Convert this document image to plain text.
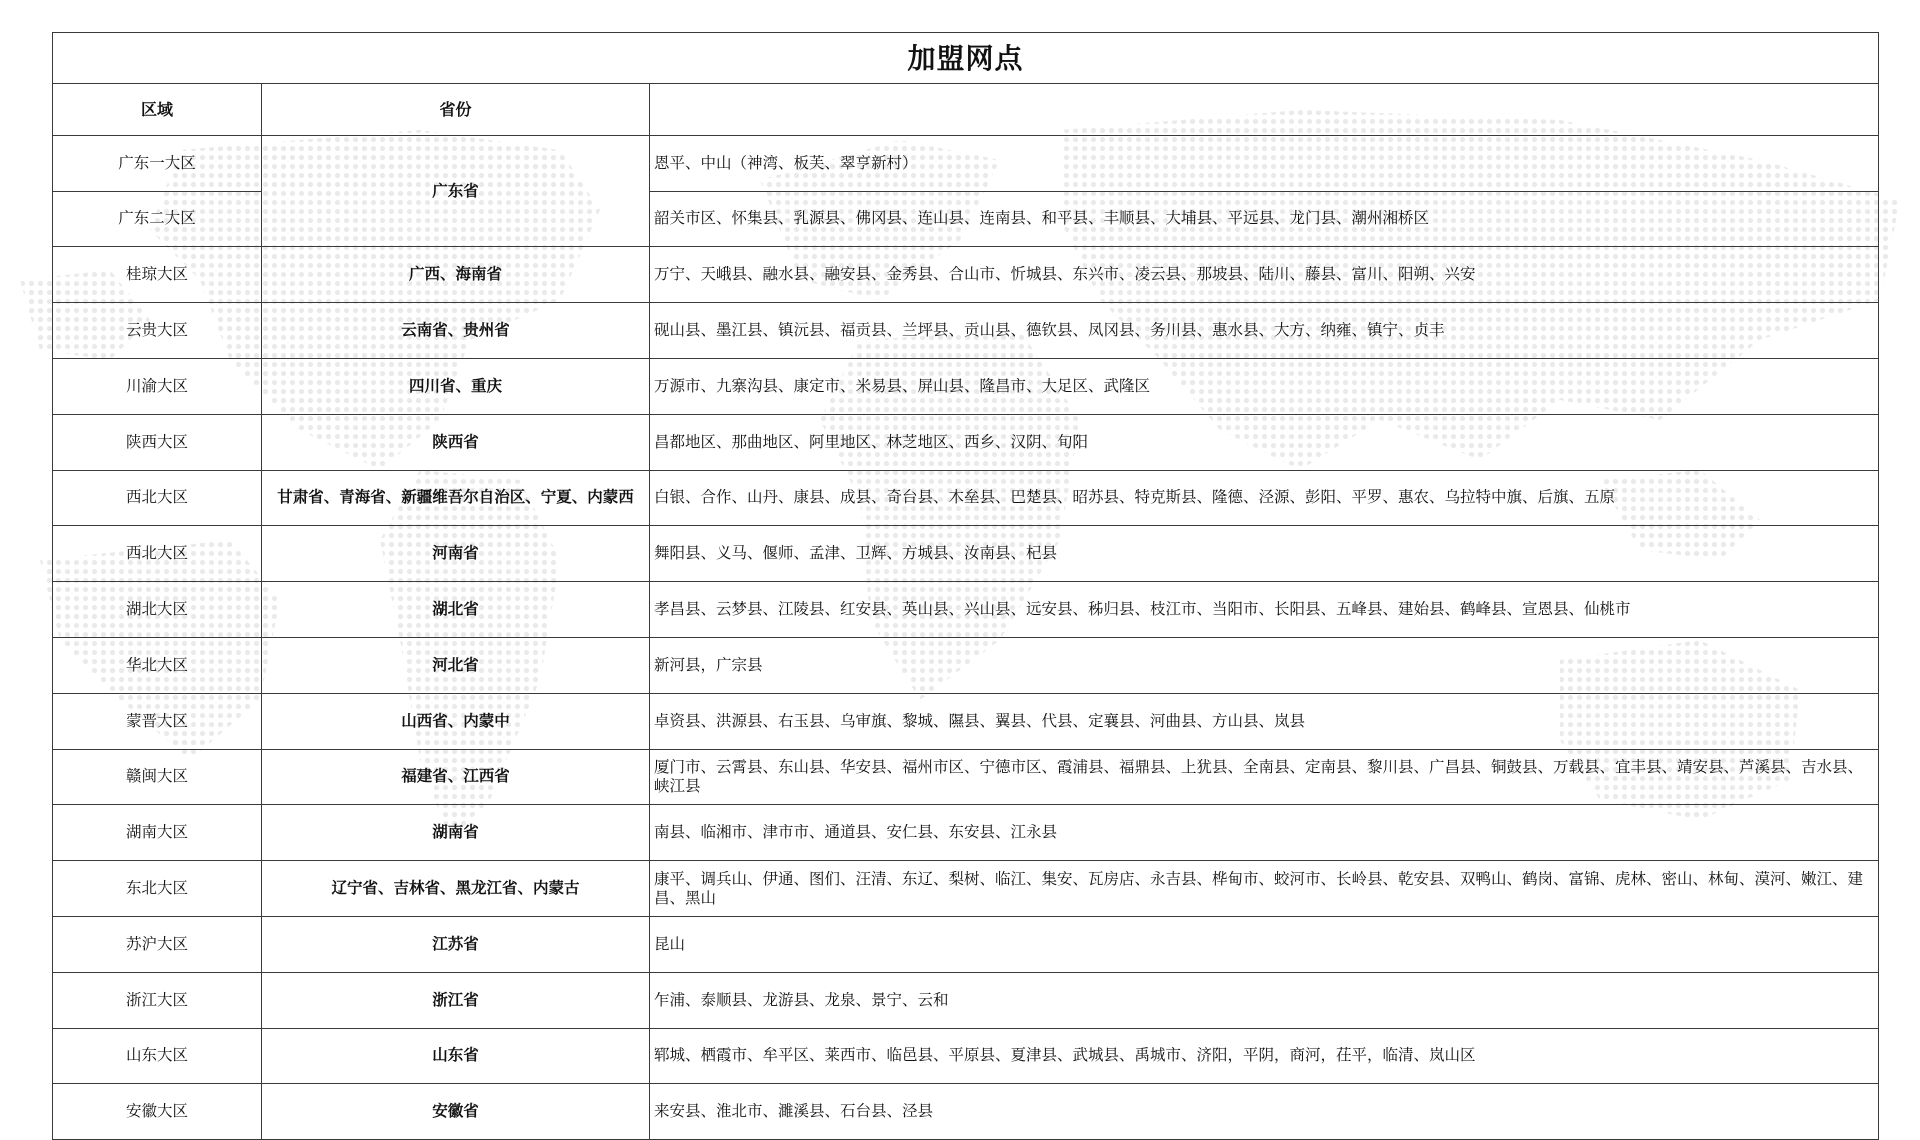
加盟网点		
区域	省份	
广东一大区	广东省	恩平、中山（神湾、板芙、翠亨新村）
广东二大区		韶关市区、怀集县、乳源县、佛冈县、连山县、连南县、和平县、丰顺县、大埔县、平远县、龙门县、潮州湘桥区
桂琼大区	广西、海南省	万宁、天峨县、融水县、融安县、金秀县、合山市、忻城县、东兴市、凌云县、那坡县、陆川、藤县、富川、阳朔、兴安
云贵大区	云南省、贵州省	砚山县、墨江县、镇沅县、福贡县、兰坪县、贡山县、德钦县、凤冈县、务川县、惠水县、大方、纳雍、镇宁、贞丰
川渝大区	四川省、重庆	万源市、九寨沟县、康定市、米易县、屏山县、隆昌市、大足区、武隆区
陕西大区	陕西省	昌都地区、那曲地区、阿里地区、林芝地区、西乡、汉阴、旬阳
西北大区	甘肃省、青海省、新疆维吾尔自治区、宁夏、内蒙西	白银、合作、山丹、康县、成县、奇台县、木垒县、巴楚县、昭苏县、特克斯县、隆德、泾源、彭阳、平罗、惠农、乌拉特中旗、后旗、五原
西北大区	河南省	舞阳县、义马、偃师、孟津、卫辉、方城县、汝南县、杞县
湖北大区	湖北省	孝昌县、云梦县、江陵县、红安县、英山县、兴山县、远安县、秭归县、枝江市、当阳市、长阳县、五峰县、建始县、鹤峰县、宣恩县、仙桃市
华北大区	河北省	新河县，广宗县
蒙晋大区	山西省、内蒙中	卓资县、洪源县、右玉县、乌审旗、黎城、隰县、翼县、代县、定襄县、河曲县、方山县、岚县
赣闽大区	福建省、江西省	厦门市、云霄县、东山县、华安县、福州市区、宁德市区、霞浦县、福鼎县、上犹县、全南县、定南县、黎川县、广昌县、铜鼓县、万载县、宜丰县、靖安县、芦溪县、吉水县、峡江县
湖南大区	湖南省	南县、临湘市、津市市、通道县、安仁县、东安县、江永县
东北大区	辽宁省、吉林省、黑龙江省、内蒙古	康平、调兵山、伊通、图们、汪清、东辽、梨树、临江、集安、瓦房店、永吉县、桦甸市、蛟河市、长岭县、乾安县、双鸭山、鹤岗、富锦、虎林、密山、林甸、漠河、嫩江、建昌、黑山
苏沪大区	江苏省	昆山
浙江大区	浙江省	乍浦、泰顺县、龙游县、龙泉、景宁、云和
山东大区	山东省	郓城、栖霞市、牟平区、莱西市、临邑县、平原县、夏津县、武城县、禹城市、济阳，平阴，商河，茌平，临清、岚山区
安徽大区	安徽省	来安县、淮北市、濉溪县、石台县、泾县
